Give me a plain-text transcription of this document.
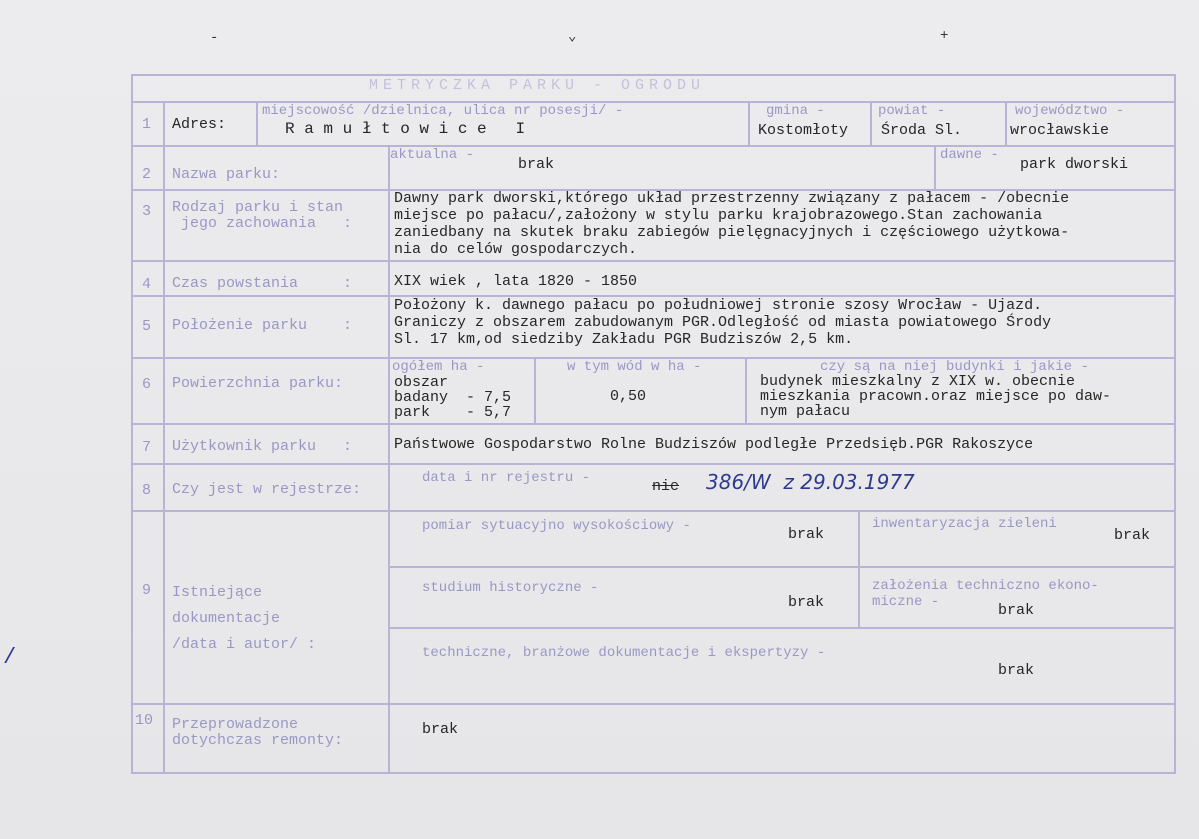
-	⌄	+
METRYCZKA PARKU - OGRODU
1 Adres:
miejscowość /dzielnica, ulica nr posesji/ -
R a m u ł t o w i c e   I
gmina -
Kostomłoty
powiat -
Środa Sl.
województwo -
wrocławskie
2 Nazwa parku:
aktualna -
brak
dawne -
park dworski
3 Rodzaj parku i stan
jego zachowania   :
Dawny park dworski,którego układ przestrzenny związany z pałacem - /obecnie
miejsce po pałacu/,założony w stylu parku krajobrazowego.Stan zachowania
zaniedbany na skutek braku zabiegów pielęgnacyjnych i częściowego użytkowa-
nia do celów gospodarczych.
4 Czas powstania     :	XIX wiek , lata 1820 - 1850
5 Położenie parku    :
Położony k. dawnego pałacu po południowej stronie szosy Wrocław - Ujazd.
Graniczy z obszarem zabudowanym PGR.Odległość od miasta powiatowego Środy
Sl. 17 km,od siedziby Zakładu PGR Budziszów 2,5 km.
6 Powierzchnia parku:
ogółem ha -
obszar
badany  - 7,5
park    - 5,7
w tym wód w ha -
0,50
czy są na niej budynki i jakie -
budynek mieszkalny z XIX w. obecnie
mieszkania pracown.oraz miejsce po daw-
nym pałacu
7 Użytkownik parku   :	Państwowe Gospodarstwo Rolne Budziszów podległe Przedsięb.PGR Rakoszyce
8 Czy jest w rejestrze:
data i nr rejestru -	nie 386/W  z 29.03.1977
9 Istniejące
dokumentacje
/data i autor/ :
pomiar sytuacyjno wysokościowy -	brak
inwentaryzacja zieleni
brak
studium historyczne -
brak
założenia techniczno ekono-
miczne -	brak
techniczne, branżowe dokumentacje i ekspertyzy -
brak
10 Przeprowadzone
dotychczas remonty:
brak
/
